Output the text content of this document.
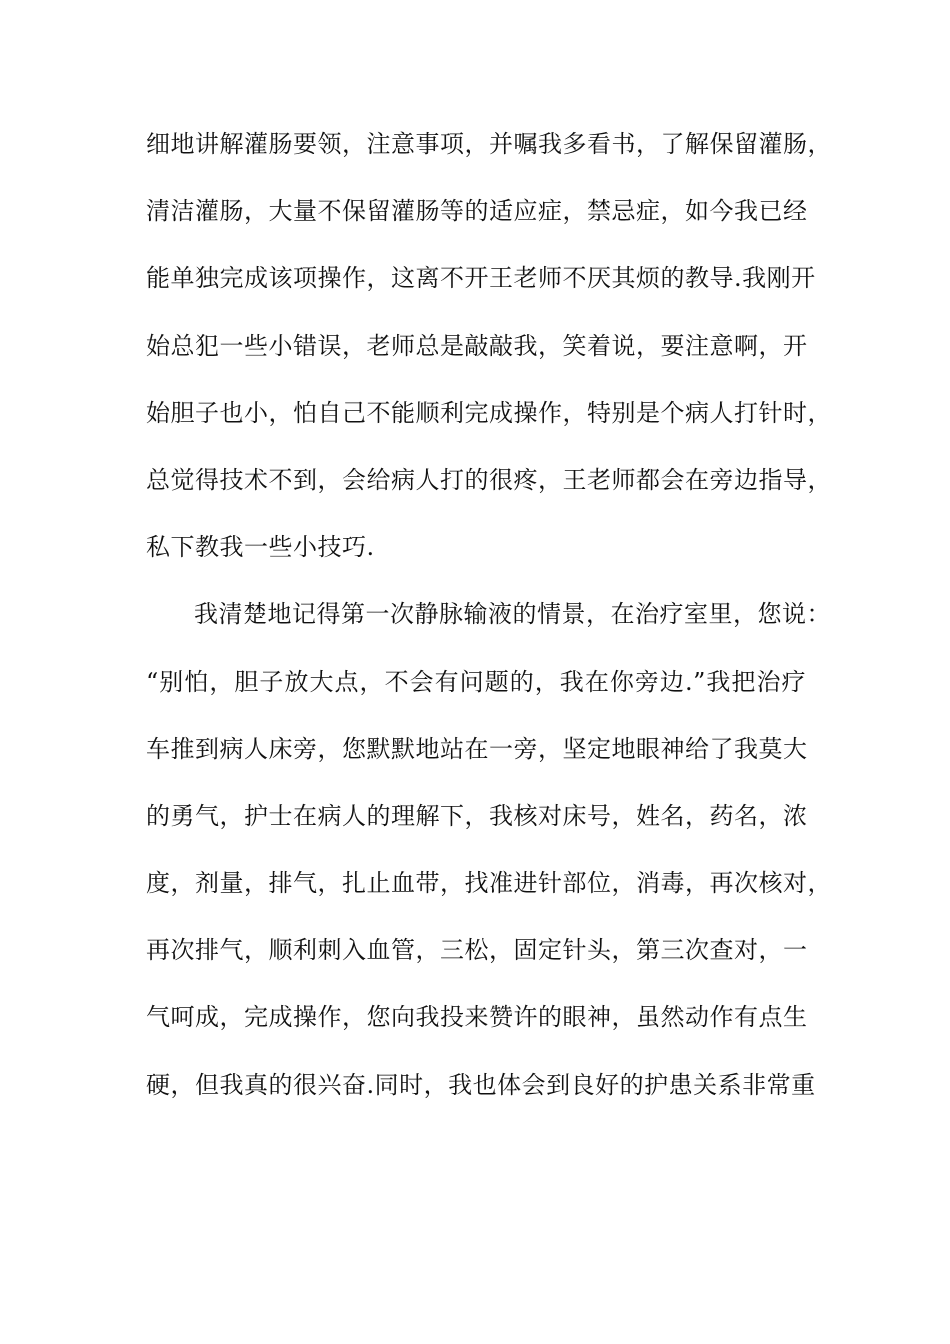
细地讲解灌肠要领，注意事项，并嘱我多看书，了解保留灌肠，
清洁灌肠，大量不保留灌肠等的适应症，禁忌症，如今我已经
能单独完成该项操作，这离不开王老师不厌其烦的教导.我刚开
始总犯一些小错误，老师总是敲敲我，笑着说，要注意啊，开
始胆子也小，怕自己不能顺利完成操作，特别是个病人打针时，
总觉得技术不到，会给病人打的很疼，王老师都会在旁边指导，
私下教我一些小技巧.
我清楚地记得第一次静脉输液的情景，在治疗室里，您说：
“别怕，胆子放大点，不会有问题的，我在你旁边.”我把治疗
车推到病人床旁，您默默地站在一旁，坚定地眼神给了我莫大
的勇气，护士在病人的理解下，我核对床号，姓名，药名，浓
度，剂量，排气，扎止血带，找准进针部位，消毒，再次核对，
再次排气，顺利刺入血管，三松，固定针头，第三次查对，一
气呵成，完成操作，您向我投来赞许的眼神，虽然动作有点生
硬，但我真的很兴奋.同时，我也体会到良好的护患关系非常重
